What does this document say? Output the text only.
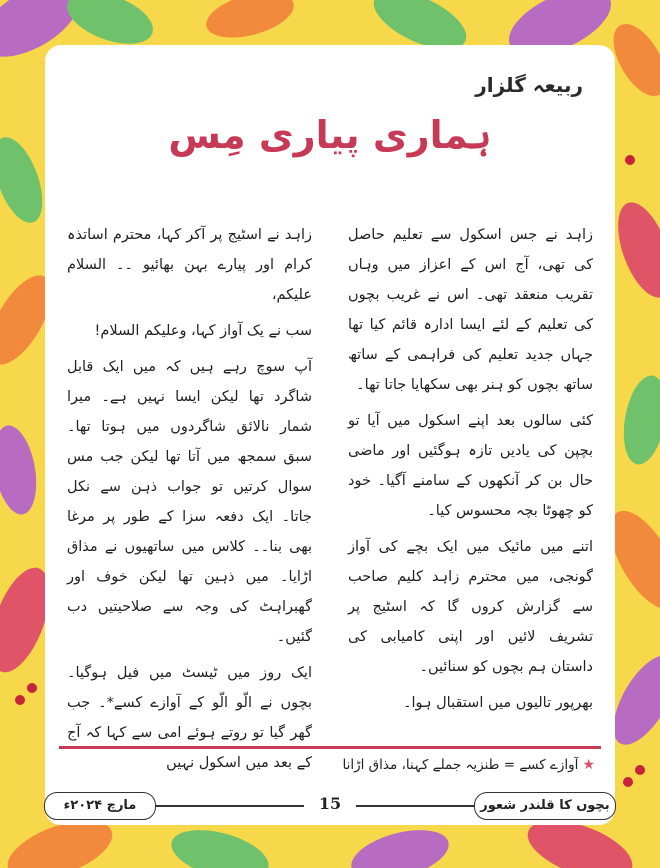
ربیعہ گلزار
ہماری پیاری مِس

زاہد نے جس اسکول سے تعلیم حاصل کی تھی، آج اس کے اعزاز میں وہاں تقریب منعقد تھی۔ اس نے غریب بچوں کی تعلیم کے لئے ایسا ادارہ قائم کیا تھا جہاں جدید تعلیم کی فراہمی کے ساتھ ساتھ بچوں کو ہنر بھی سکھایا جاتا تھا۔

کئی سالوں بعد اپنے اسکول میں آیا تو بچپن کی یادیں تازہ ہوگئیں اور ماضی حال بن کر آنکھوں کے سامنے آگیا۔ خود کو چھوٹا بچہ محسوس کیا۔

اتنے میں مائیک میں ایک بچے کی آواز گونجی، میں محترم زاہد کلیم صاحب سے گزارش کروں گا کہ اسٹیج پر تشریف لائیں اور اپنی کامیابی کی داستان ہم بچوں کو سنائیں۔

بھرپور تالیوں میں استقبال ہوا۔

زاہد نے اسٹیج پر آکر کہا، محترم اساتذہ کرام اور پیارے بہن بھائیو ۔۔ السلام علیکم،

سب نے یک آواز کہا، وعلیکم السلام!

آپ سوچ رہے ہیں کہ میں ایک قابل شاگرد تھا لیکن ایسا نہیں ہے۔ میرا شمار نالائق شاگردوں میں ہوتا تھا۔ سبق سمجھ میں آتا تھا لیکن جب مس سوال کرتیں تو جواب ذہن سے نکل جاتا۔ ایک دفعہ سزا کے طور پر مرغا بھی بنا۔۔ کلاس میں ساتھیوں نے مذاق اڑایا۔ میں ذہین تھا لیکن خوف اور گھبراہٹ کی وجہ سے صلاحیتیں دب گئیں۔

ایک روز میں ٹیسٹ میں فیل ہوگیا۔ بچوں نے الّو الّو کے آوازے کسے*۔ جب گھر گیا تو روتے ہوئے امی سے کہا کہ آج کے بعد میں اسکول نہیں	★آوازے کسے = طنزیہ جملے کہنا، مذاق اڑانا
مارچ ۲۰۲۴ء	15	بچوں کا قلندر شعور
